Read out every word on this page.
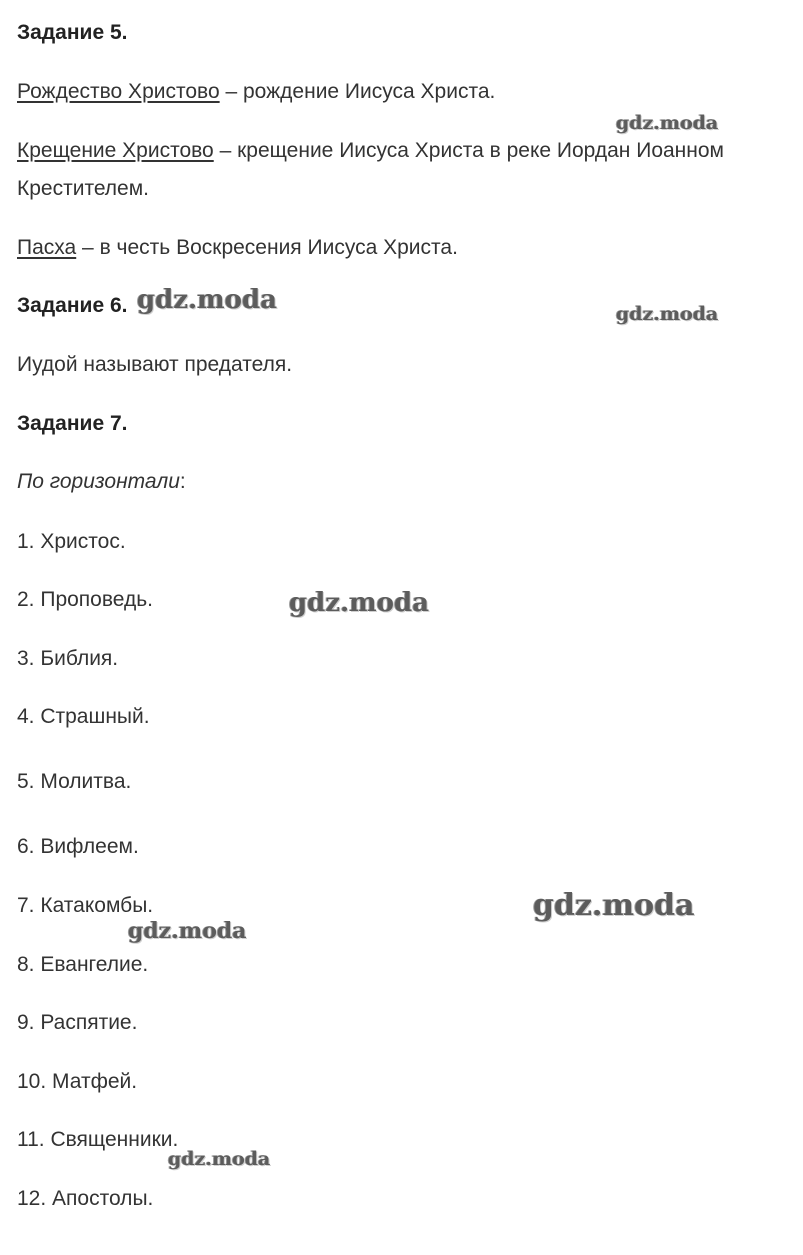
Задание 5.
Рождество Христово – рождение Иисуса Христа.
Крещение Христово – крещение Иисуса Христа в реке Иордан Иоанном
Крестителем.
Пасха – в честь Воскресения Иисуса Христа.
Задание 6.
Иудой называют предателя.
Задание 7.
По горизонтали:
1. Христос.
2. Проповедь.
3. Библия.
4. Страшный.
5. Молитва.
6. Вифлеем.
7. Катакомбы.
8. Евангелие.
9. Распятие.
10. Матфей.
11. Священники.
12. Апостолы.
gdz.moda
gdz.moda	gdz.moda
gdz.moda
gdz.moda
gdz.moda
gdz.moda
